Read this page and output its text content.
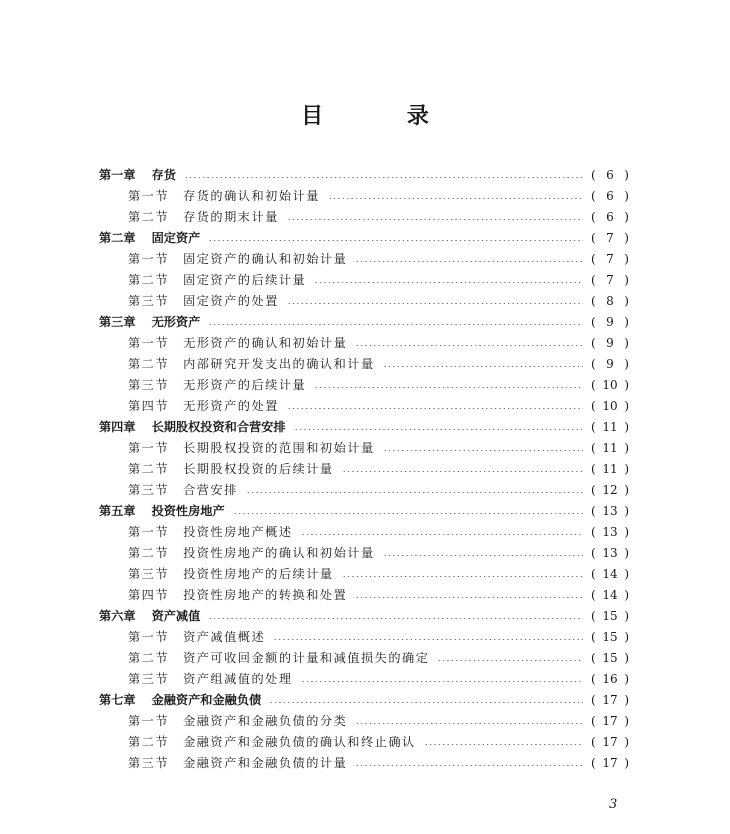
目 录
第一章 存货	( 6 )
第一节 存货的确认和初始计量	( 6 )
第二节 存货的期末计量	( 6 )
第二章 固定资产	( 7 )
第一节 固定资产的确认和初始计量	( 7 )
第二节 固定资产的后续计量	( 7 )
第三节 固定资产的处置	( 8 )
第三章 无形资产	( 9 )
第一节 无形资产的确认和初始计量	( 9 )
第二节 内部研究开发支出的确认和计量	( 9 )
第三节 无形资产的后续计量	( 10 )
第四节 无形资产的处置	( 10 )
第四章 长期股权投资和合营安排	( 11 )
第一节 长期股权投资的范围和初始计量	( 11 )
第二节 长期股权投资的后续计量	( 11 )
第三节 合营安排	( 12 )
第五章 投资性房地产	( 13 )
第一节 投资性房地产概述	( 13 )
第二节 投资性房地产的确认和初始计量	( 13 )
第三节 投资性房地产的后续计量	( 14 )
第四节 投资性房地产的转换和处置	( 14 )
第六章 资产减值	( 15 )
第一节 资产减值概述	( 15 )
第二节 资产可收回金额的计量和减值损失的确定	( 15 )
第三节 资产组减值的处理	( 16 )
第七章 金融资产和金融负债	( 17 )
第一节 金融资产和金融负债的分类	( 17 )
第二节 金融资产和金融负债的确认和终止确认	( 17 )
第三节 金融资产和金融负债的计量	( 17 )
3
